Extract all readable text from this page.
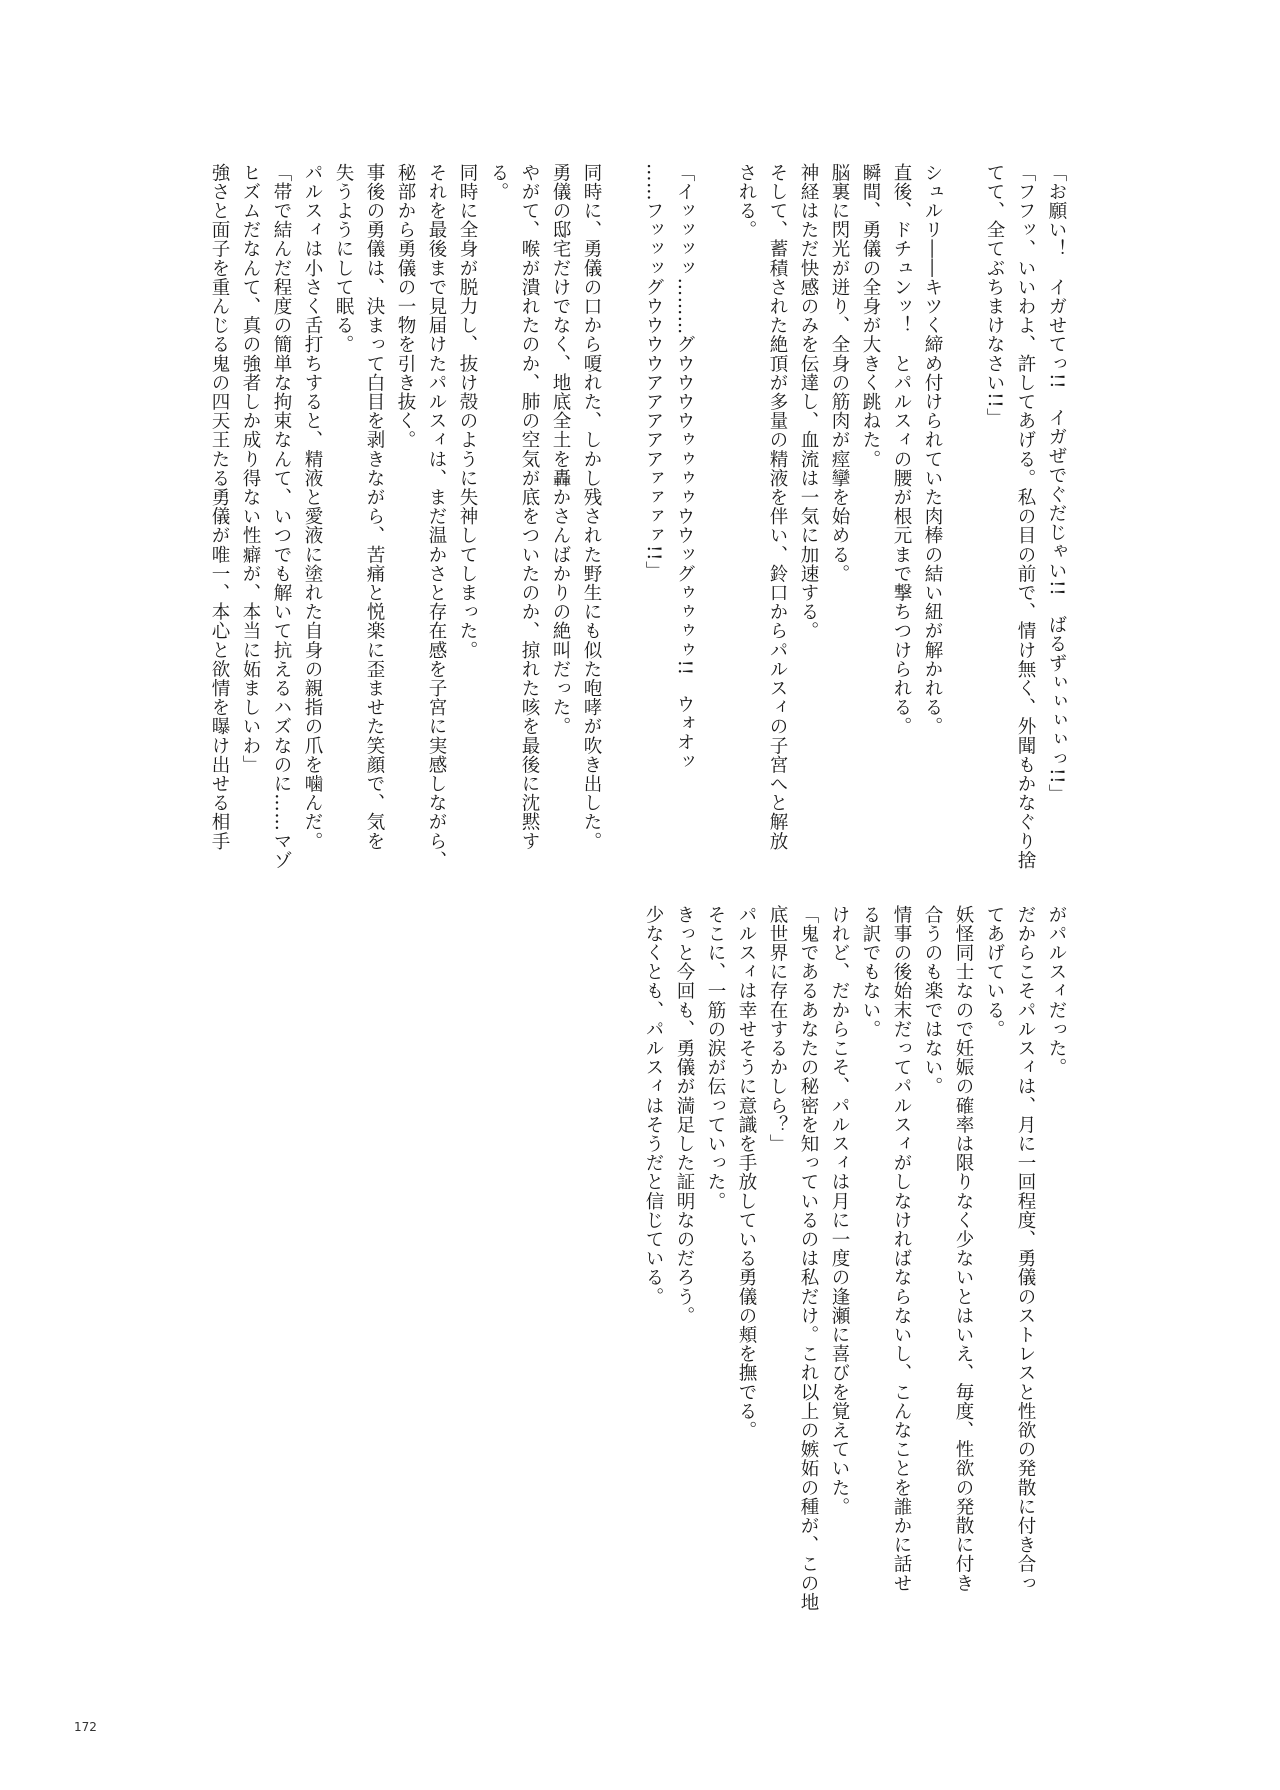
「お願い！　イガせてっ!!　イガぜでぐだじゃい!!　ばるずぃぃぃぃっ!!」
「フフッ、いいわよ、許してあげる。私の目の前で、情け無く、外聞もかなぐり捨
てて、全てぶちまけなさい!!」
シュルリ――キツく締め付けられていた肉棒の結い紐が解かれる。
直後、ドチュンッ！　とパルスィの腰が根元まで撃ちつけられる。
瞬間、勇儀の全身が大きく跳ねた。
脳裏に閃光が迸り、全身の筋肉が痙攣を始める。
神経はただ快感のみを伝達し、血流は一気に加速する。
そして、蓄積された絶頂が多量の精液を伴い、鈴口からパルスィの子宮へと解放
される。
「イッッッッ………グウウウウゥゥゥゥウウッグゥゥゥゥ!!　ウォオッ
……フッッッグウウウウアアアアアァァァァ!!」
同時に、勇儀の口から嗄れた、しかし残された野生にも似た咆哮が吹き出した。
勇儀の邸宅だけでなく、地底全土を轟かさんばかりの絶叫だった。
やがて、喉が潰れたのか、肺の空気が底をついたのか、掠れた咳を最後に沈黙す
る。
同時に全身が脱力し、抜け殻のように失神してしまった。
それを最後まで見届けたパルスィは、まだ温かさと存在感を子宮に実感しながら、
秘部から勇儀の一物を引き抜く。
事後の勇儀は、決まって白目を剥きながら、苦痛と悦楽に歪ませた笑顔で、気を
失うようにして眠る。
パルスィは小さく舌打ちすると、精液と愛液に塗れた自身の親指の爪を噛んだ。
「帯で結んだ程度の簡単な拘束なんて、いつでも解いて抗えるハズなのに……マゾ
ヒズムだなんて、真の強者しか成り得ない性癖が、本当に妬ましいわ」
強さと面子を重んじる鬼の四天王たる勇儀が唯一、本心と欲情を曝け出せる相手
がパルスィだった。
だからこそパルスィは、月に一回程度、勇儀のストレスと性欲の発散に付き合っ
てあげている。
妖怪同士なので妊娠の確率は限りなく少ないとはいえ、毎度、性欲の発散に付き
合うのも楽ではない。
情事の後始末だってパルスィがしなければならないし、こんなことを誰かに話せ
る訳でもない。
けれど、だからこそ、パルスィは月に一度の逢瀬に喜びを覚えていた。
「鬼であるあなたの秘密を知っているのは私だけ。これ以上の嫉妬の種が、この地
底世界に存在するかしら？」
パルスィは幸せそうに意識を手放している勇儀の頬を撫でる。
そこに、一筋の涙が伝っていった。
きっと今回も、勇儀が満足した証明なのだろう。
少なくとも、パルスィはそうだと信じている。
172
